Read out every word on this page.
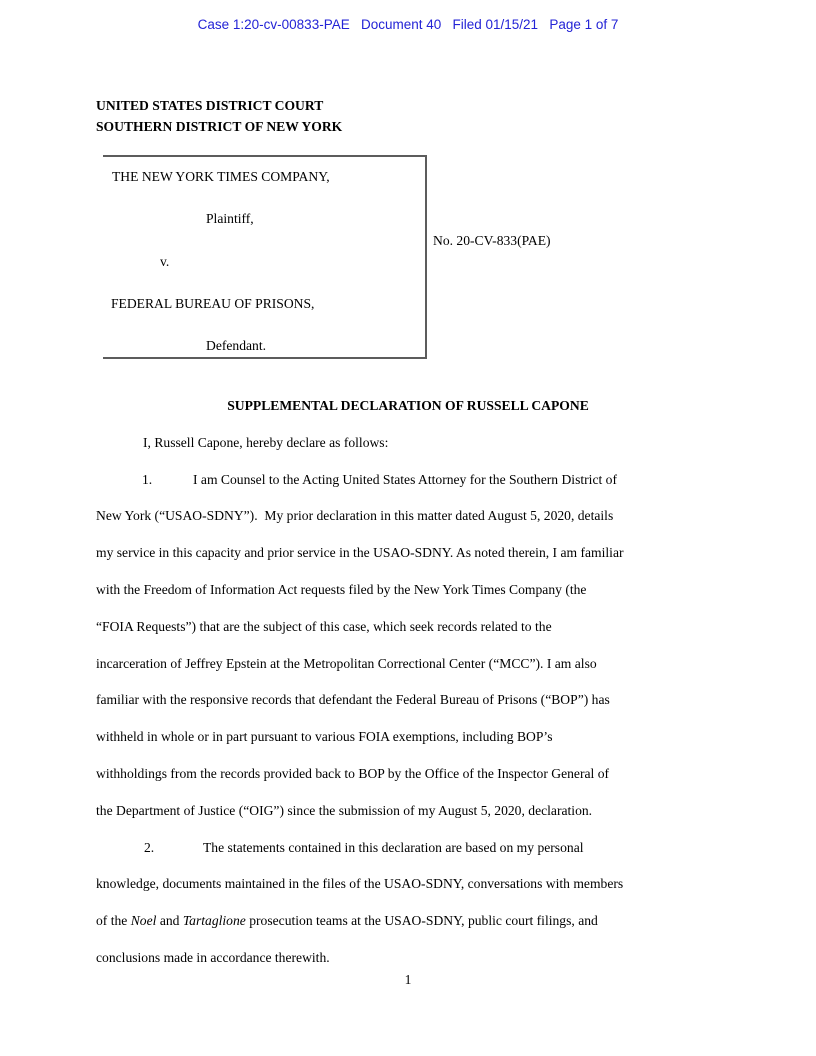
Case 1:20-cv-00833-PAE   Document 40   Filed 01/15/21   Page 1 of 7
UNITED STATES DISTRICT COURT
SOUTHERN DISTRICT OF NEW YORK
THE NEW YORK TIMES COMPANY,
Plaintiff,
v.
FEDERAL BUREAU OF PRISONS,
Defendant.
No. 20-CV-833(PAE)
SUPPLEMENTAL DECLARATION OF RUSSELL CAPONE
I, Russell Capone, hereby declare as follows:
1.	I am Counsel to the Acting United States Attorney for the Southern District of
New York (“USAO-SDNY”).  My prior declaration in this matter dated August 5, 2020, details
my service in this capacity and prior service in the USAO-SDNY. As noted therein, I am familiar
with the Freedom of Information Act requests filed by the New York Times Company (the
“FOIA Requests”) that are the subject of this case, which seek records related to the
incarceration of Jeffrey Epstein at the Metropolitan Correctional Center (“MCC”). I am also
familiar with the responsive records that defendant the Federal Bureau of Prisons (“BOP”) has
withheld in whole or in part pursuant to various FOIA exemptions, including BOP’s
withholdings from the records provided back to BOP by the Office of the Inspector General of
the Department of Justice (“OIG”) since the submission of my August 5, 2020, declaration.
2.	The statements contained in this declaration are based on my personal
knowledge, documents maintained in the files of the USAO-SDNY, conversations with members
of the Noel and Tartaglione prosecution teams at the USAO-SDNY, public court filings, and
conclusions made in accordance therewith.
1
